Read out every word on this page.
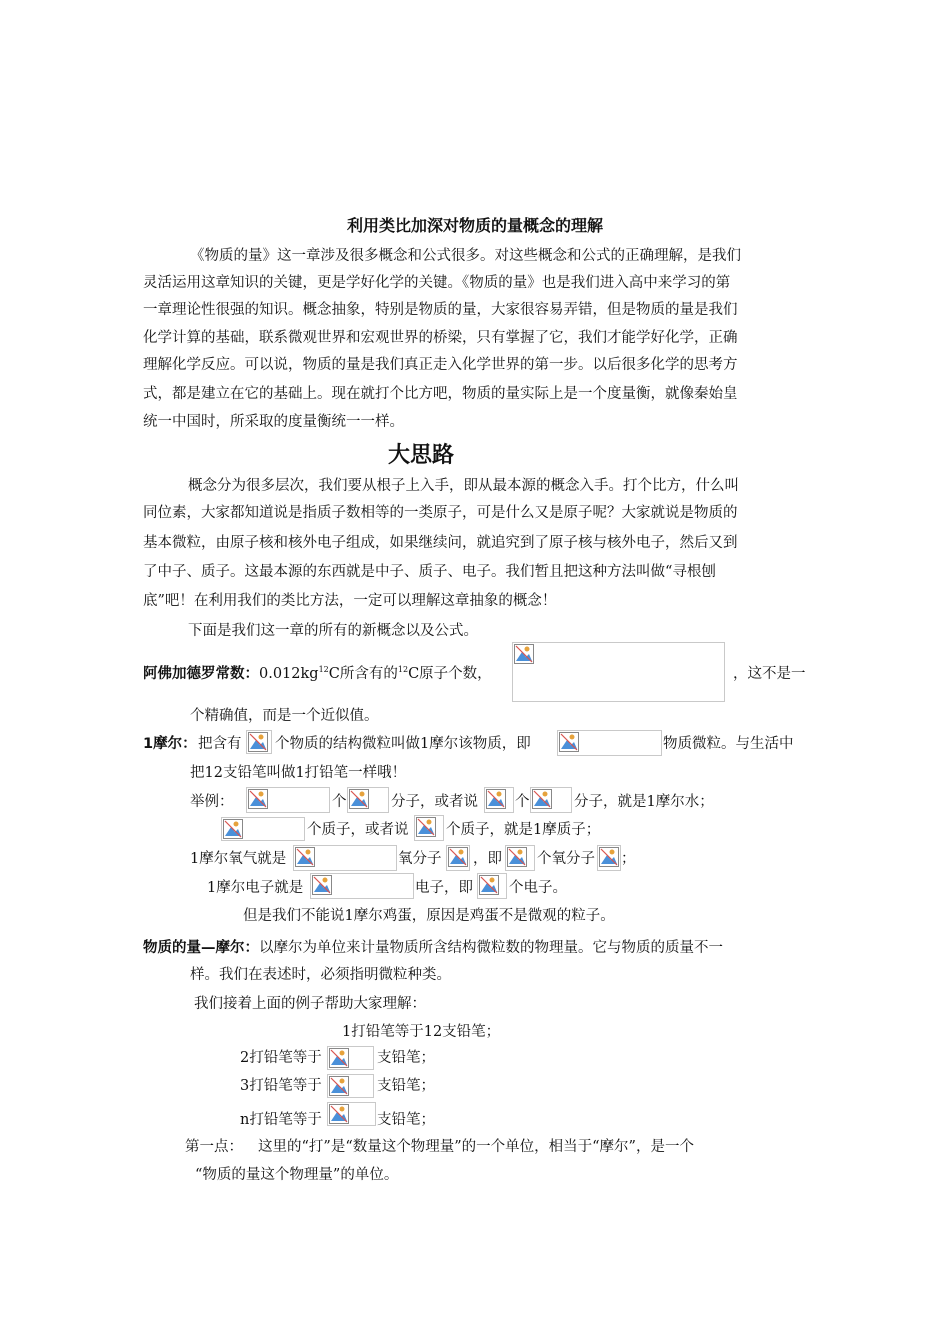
利用类比加深对物质的量概念的理解
《物质的量》这一章涉及很多概念和公式很多。对这些概念和公式的正确理解，是我们
灵活运用这章知识的关键，更是学好化学的关键。《物质的量》也是我们进入高中来学习的第
一章理论性很强的知识。概念抽象，特别是物质的量，大家很容易弄错，但是物质的量是我们
化学计算的基础，联系微观世界和宏观世界的桥梁，只有掌握了它，我们才能学好化学，正确
理解化学反应。可以说，物质的量是我们真正走入化学世界的第一步。以后很多化学的思考方
式，都是建立在它的基础上。现在就打个比方吧，物质的量实际上是一个度量衡，就像秦始皇
统一中国时，所采取的度量衡统一一样。
大思路
概念分为很多层次，我们要从根子上入手，即从最本源的概念入手。打个比方，什么叫
同位素，大家都知道说是指质子数相等的一类原子，可是什么又是原子呢？大家就说是物质的
基本微粒，由原子核和核外电子组成，如果继续问，就追究到了原子核与核外电子，然后又到
了中子、质子。这最本源的东西就是中子、质子、电子。我们暂且把这种方法叫做“寻根刨
底”吧！在利用我们的类比方法，一定可以理解这章抽象的概念！
下面是我们这一章的所有的新概念以及公式。
阿佛加德罗常数：$0.012kg^{12}C$所含有的$^{12}$C原子个数，	，这不是一
个精确值，而是一个近似值。
1摩尔： 把含有 个物质的结构微粒叫做1摩尔该物质，即	物质微粒。与生活中
把12支铅笔叫做1打铅笔一样哦！
举例：	个	分子，或者说	个	分子，就是1摩尔水；
个质子，或者说	个质子，就是1摩质子；
1摩尔氧气就是	氧分子 ，即 个氧分子 ；
1摩尔电子就是	电子，即 个电子。
但是我们不能说1摩尔鸡蛋，原因是鸡蛋不是微观的粒子。
物质的量—摩尔：以摩尔为单位来计量物质所含结构微粒数的物理量。它与物质的质量不一
样。我们在表述时，必须指明微粒种类。
我们接着上面的例子帮助大家理解：
1打铅笔等于12支铅笔；
2打铅笔等于	支铅笔；
3打铅笔等于	支铅笔；
n打铅笔等于	支铅笔；
第一点： 这里的“打”是“数量这个物理量”的一个单位，相当于“摩尔”，是一个
“物质的量这个物理量”的单位。
